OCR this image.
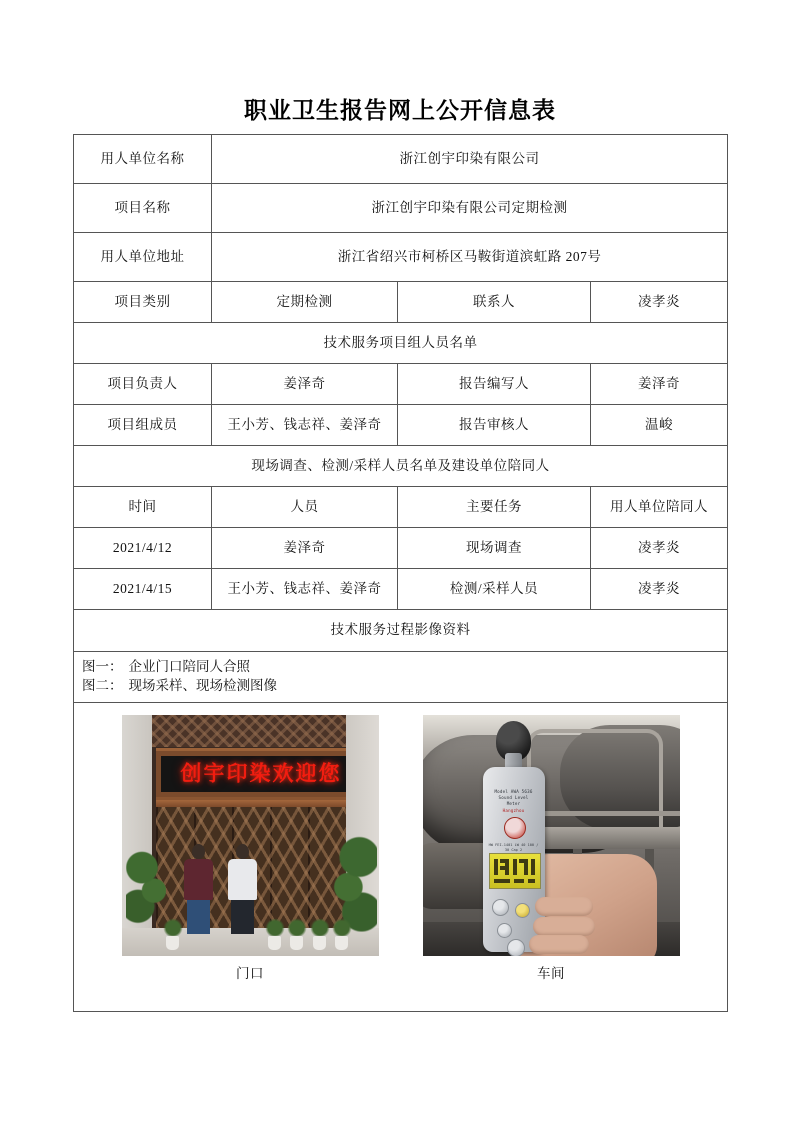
职业卫生报告网上公开信息表
用人单位名称	浙江创宇印染有限公司		
项目名称	浙江创宇印染有限公司定期检测		
用人单位地址	浙江省绍兴市柯桥区马鞍街道滨虹路 207号		
项目类别	定期检测	联系人	凌孝炎
技术服务项目组人员名单			
项目负责人	姜泽奇	报告编写人	姜泽奇
项目组成员	王小芳、钱志祥、姜泽奇	报告审核人	温峻
现场调查、检测/采样人员名单及建设单位陪同人			
时间	人员	主要任务	用人单位陪同人
2021/4/12	姜泽奇	现场调查	凌孝炎
2021/4/15	王小芳、钱志祥、姜泽奇	检测/采样人员	凌孝炎
技术服务过程影像资料			

图一： 企业门口陪同人合照
图二： 现场采样、现场检测图像			

创宇印染欢迎您
门口
Model AWA 5636
Sound Level Meter
Hangzhou
HW FEI-1401 LW 40 100 / 30 Cap 2
车间
